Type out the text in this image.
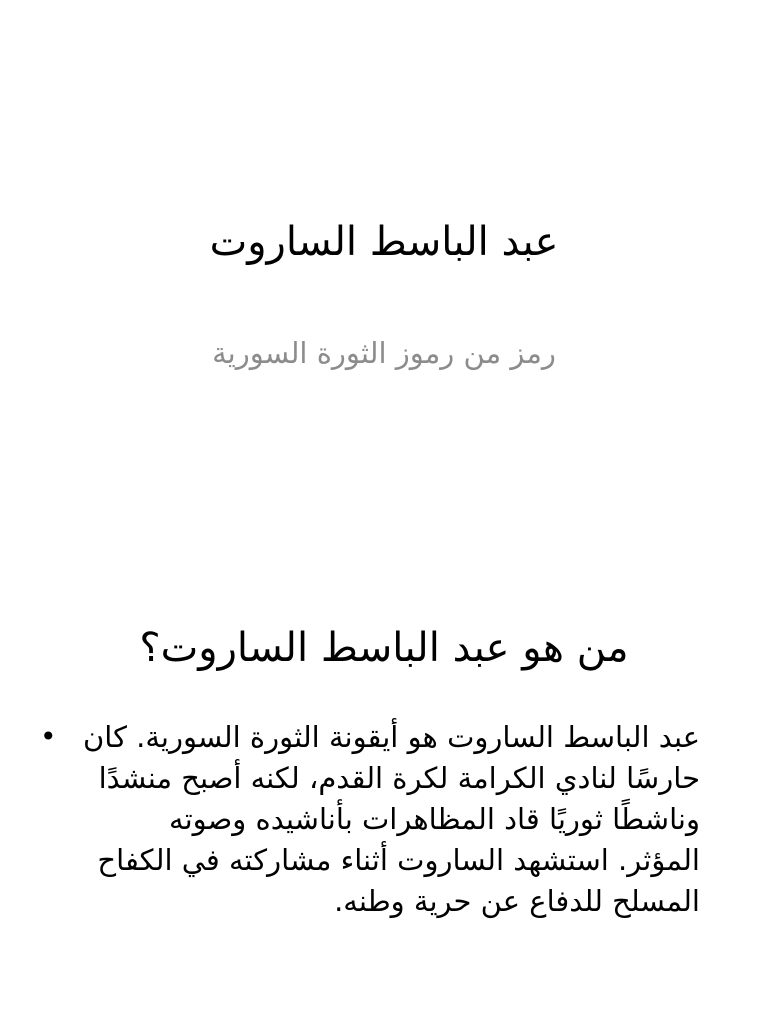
عبد الباسط الساروت

رمز من رموز الثورة السورية

من هو عبد الباسط الساروت؟
• عبد الباسط الساروت هو أيقونة الثورة السورية. كان حارسًا لنادي الكرامة لكرة القدم، لكنه أصبح منشدًا وناشطًا ثوريًا قاد المظاهرات بأناشيده وصوته المؤثر. استشهد الساروت أثناء مشاركته في الكفاح المسلح للدفاع عن حرية وطنه.
